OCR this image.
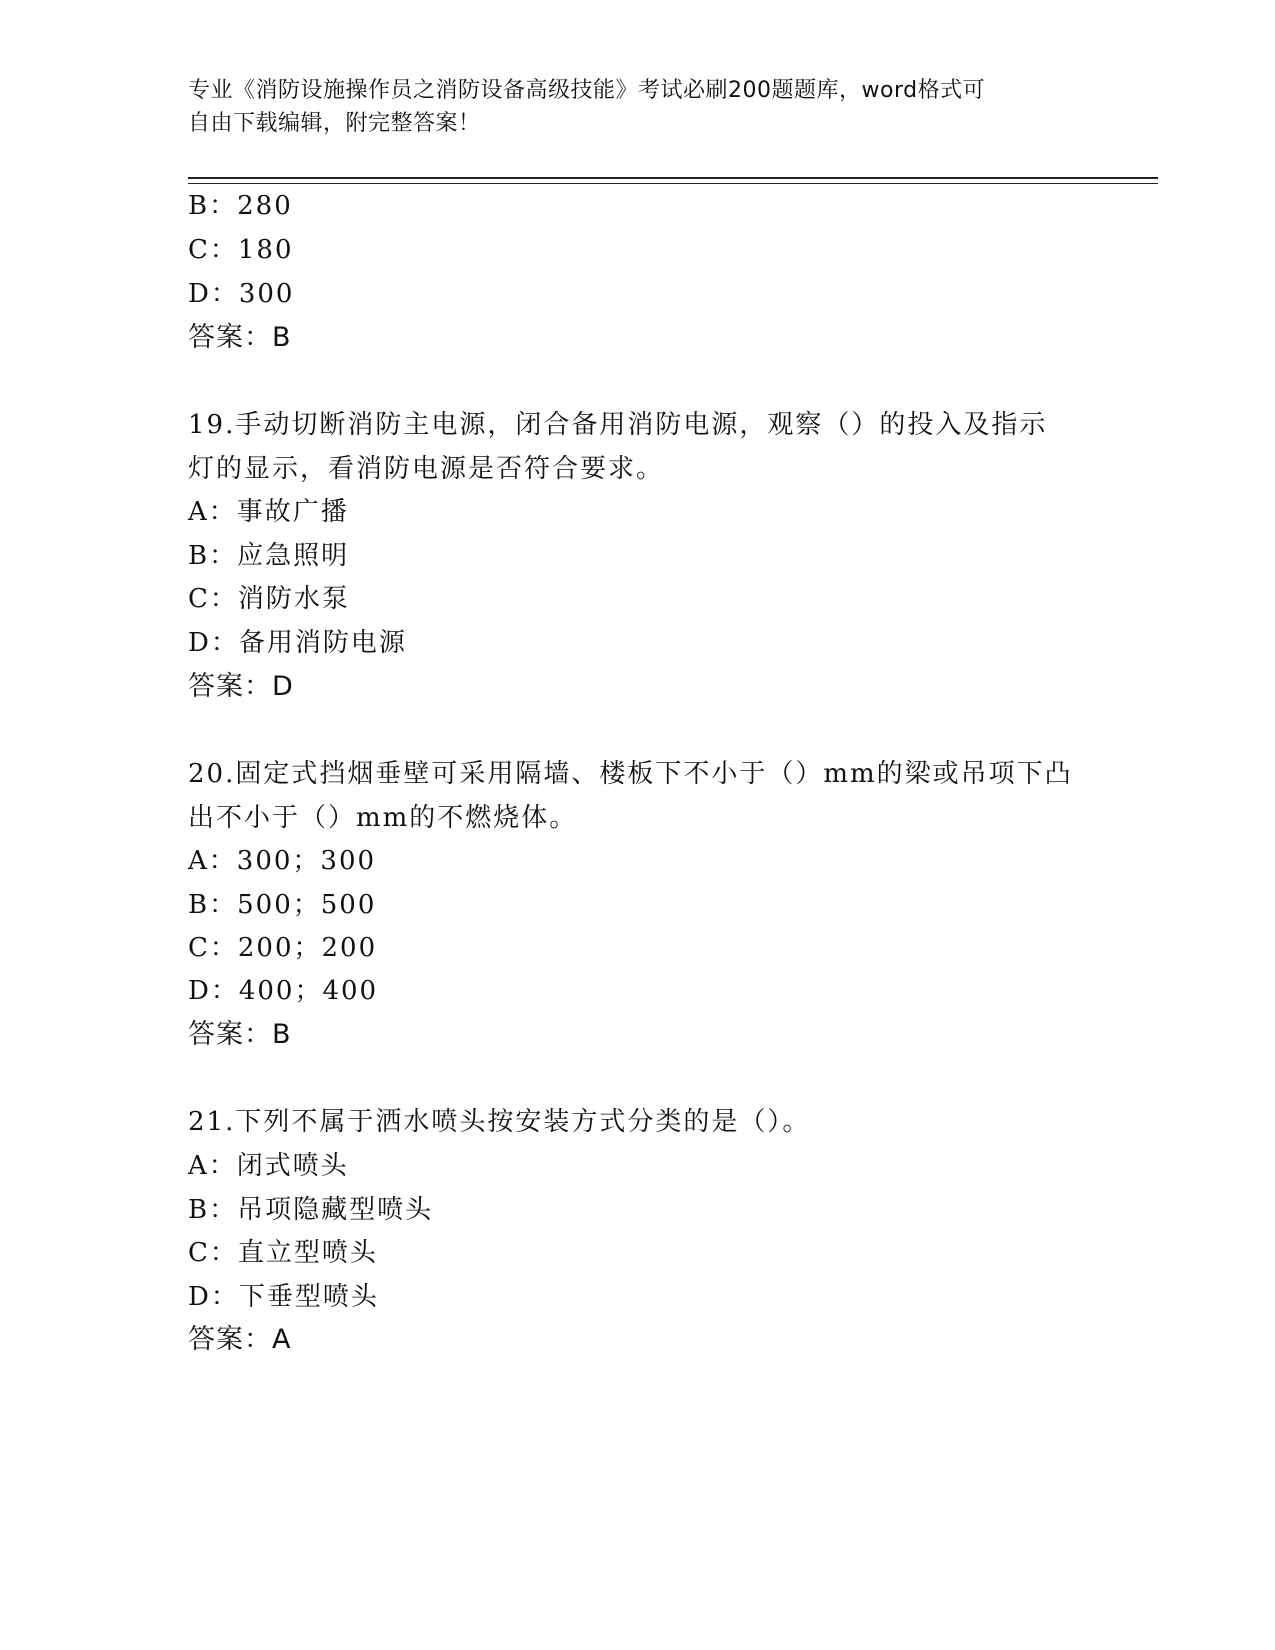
专业《消防设施操作员之消防设备高级技能》考试必刷200题题库，word格式可
自由下载编辑，附完整答案！
B：280
C：180
D：300
答案：B
19.手动切断消防主电源，闭合备用消防电源，观察（）的投入及指示
灯的显示，看消防电源是否符合要求。
A：事故广播
B：应急照明
C：消防水泵
D：备用消防电源
答案：D
20.固定式挡烟垂壁可采用隔墙、楼板下不小于（）mm的梁或吊项下凸
出不小于（）mm的不燃烧体。
A：300；300
B：500；500
C：200；200
D：400；400
答案：B
21.下列不属于洒水喷头按安装方式分类的是（）。
A：闭式喷头
B：吊项隐藏型喷头
C：直立型喷头
D：下垂型喷头
答案：A
